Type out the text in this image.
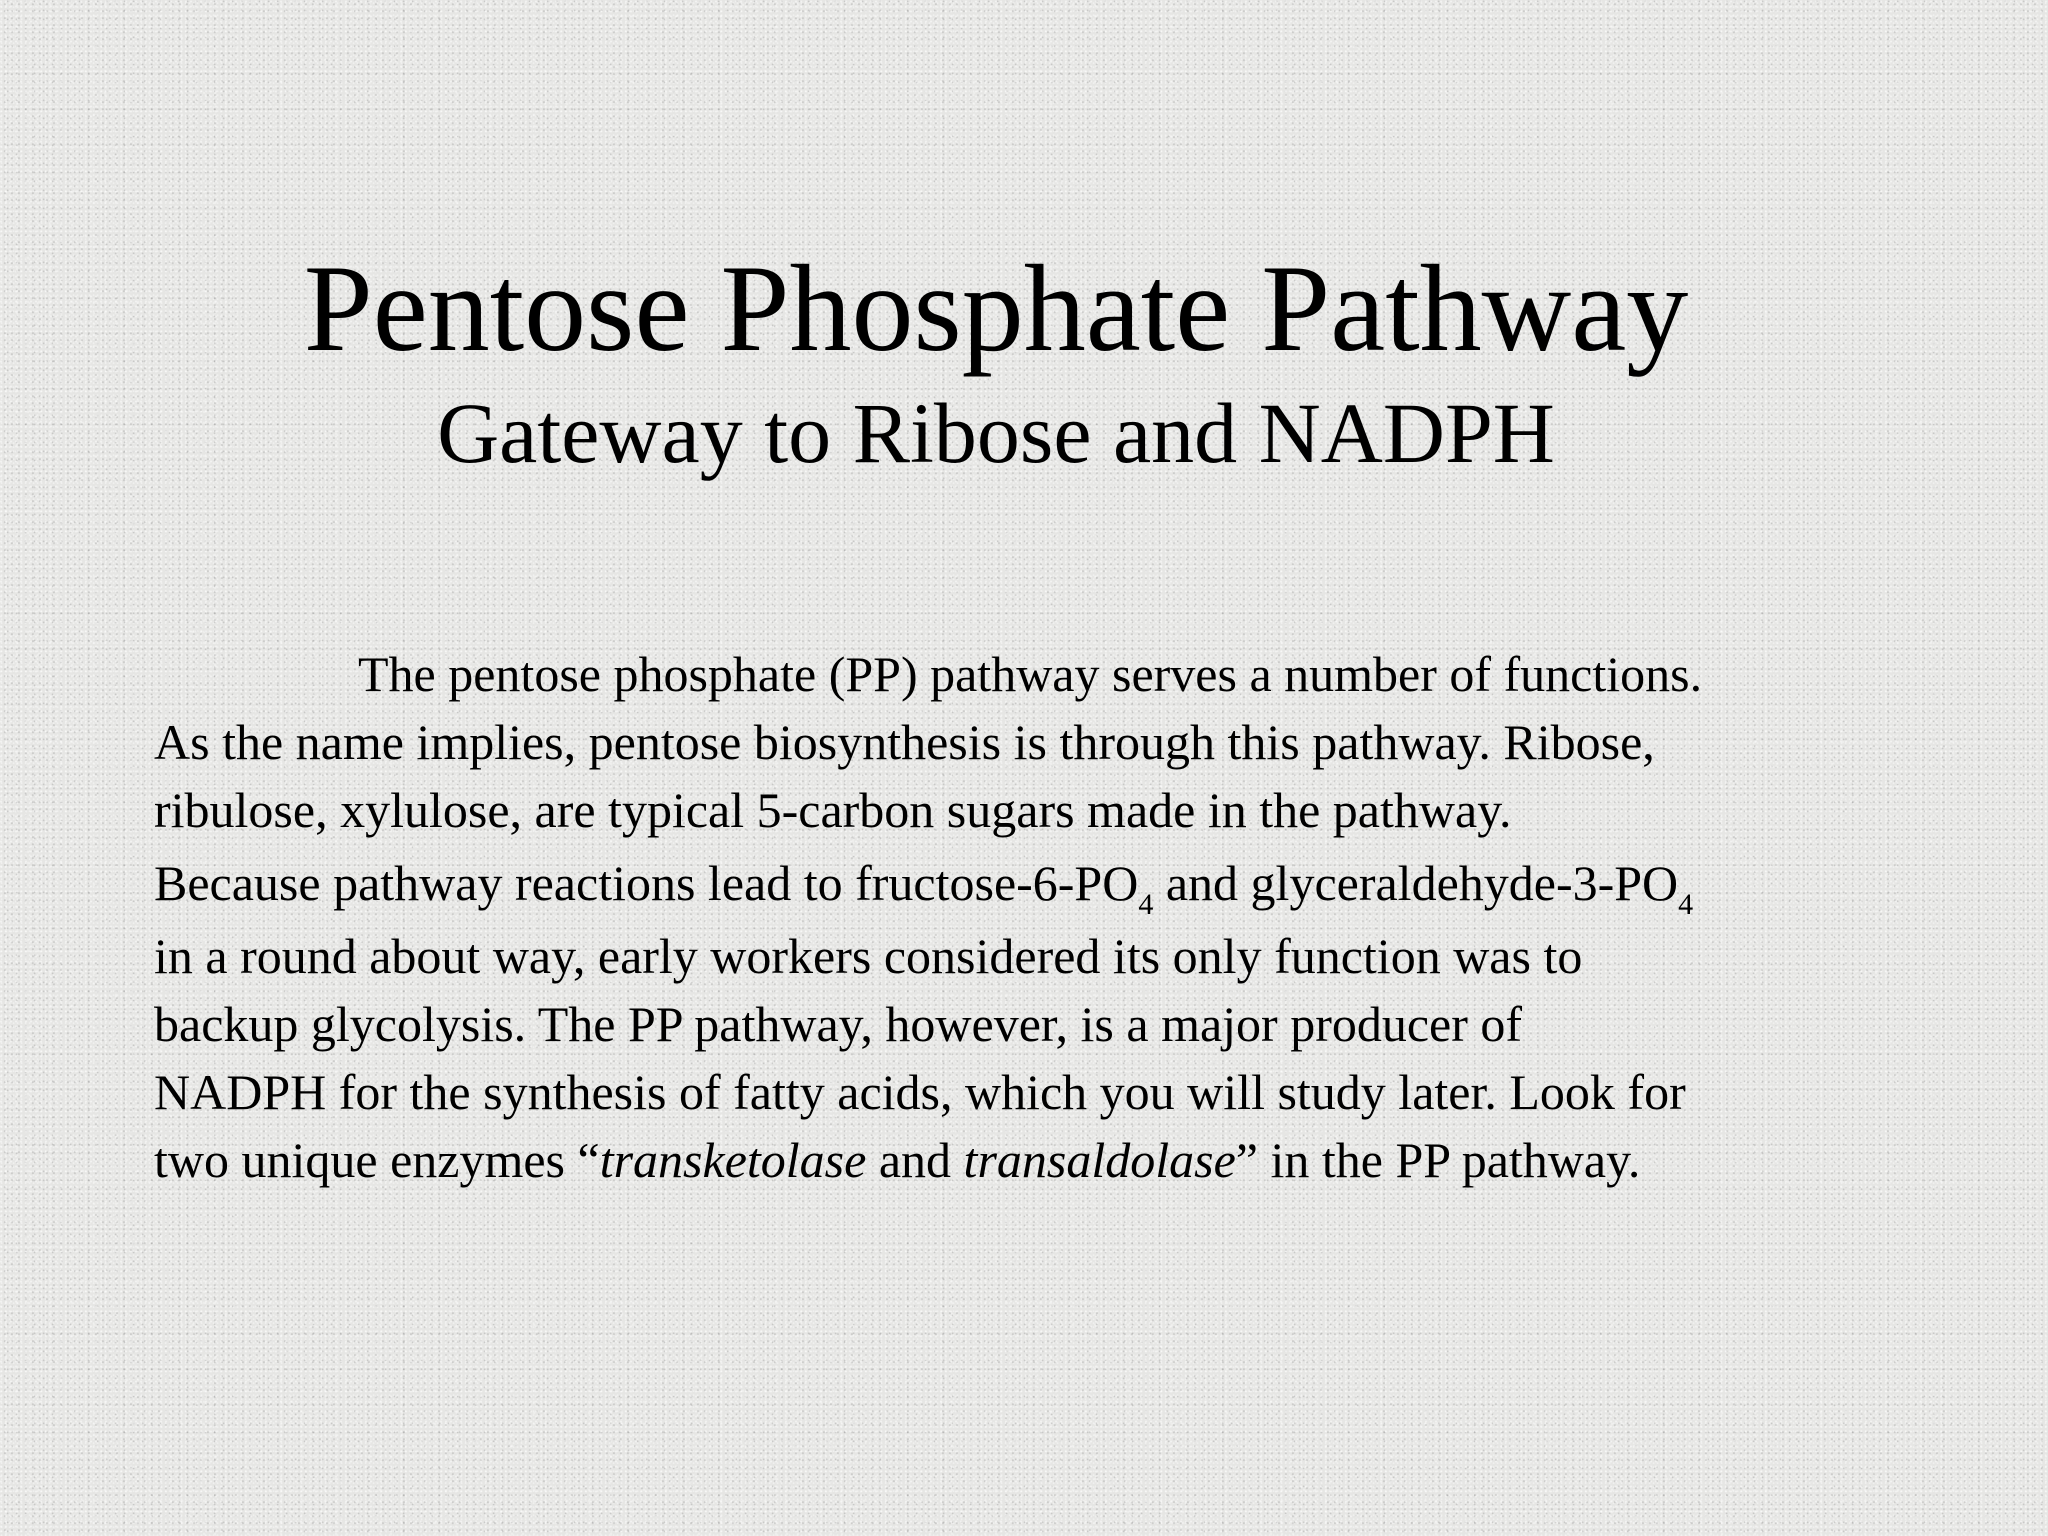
Pentose Phosphate Pathway
Gateway to Ribose and NADPH
The pentose phosphate (PP) pathway serves a number of functions.
As the name implies, pentose biosynthesis is through this pathway. Ribose,
ribulose, xylulose, are typical 5-carbon sugars made in the pathway.
Because pathway reactions lead to fructose-$6-PO_4$ and glyceraldehyde-$3-PO_4$
in a round about way, early workers considered its only function was to
backup glycolysis. The PP pathway, however, is a major producer of
NADPH for the synthesis of fatty acids, which you will study later. Look for
two unique enzymes “transketolase and transaldolase” in the PP pathway.
